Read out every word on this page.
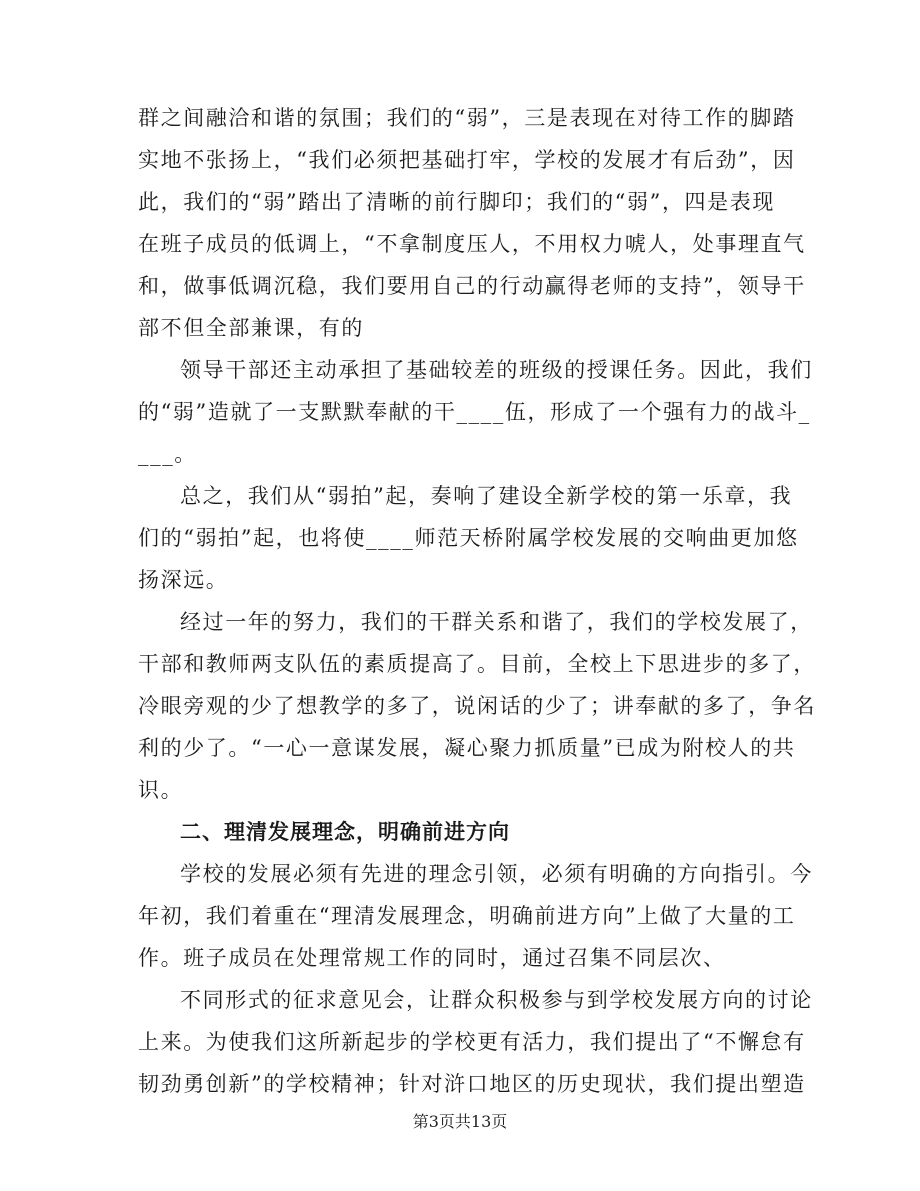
群之间融洽和谐的氛围；我们的“弱”，三是表现在对待工作的脚踏
实地不张扬上，“我们必须把基础打牢，学校的发展才有后劲”，因
此，我们的“弱”踏出了清晰的前行脚印；我们的“弱”，四是表现
在班子成员的低调上，“不拿制度压人，不用权力唬人，处事理直气
和，做事低调沉稳，我们要用自己的行动赢得老师的支持”，领导干
部不但全部兼课，有的
领导干部还主动承担了基础较差的班级的授课任务。因此，我们
的“弱”造就了一支默默奉献的干____伍，形成了一个强有力的战斗_
___。
总之，我们从“弱拍”起，奏响了建设全新学校的第一乐章，我
们的“弱拍”起，也将使____师范天桥附属学校发展的交响曲更加悠
扬深远。
经过一年的努力，我们的干群关系和谐了，我们的学校发展了，
干部和教师两支队伍的素质提高了。目前，全校上下思进步的多了，
冷眼旁观的少了想教学的多了，说闲话的少了；讲奉献的多了，争名
利的少了。“一心一意谋发展，凝心聚力抓质量”已成为附校人的共
识。
二、理清发展理念，明确前进方向
学校的发展必须有先进的理念引领，必须有明确的方向指引。今
年初，我们着重在“理清发展理念，明确前进方向”上做了大量的工
作。班子成员在处理常规工作的同时，通过召集不同层次、
不同形式的征求意见会，让群众积极参与到学校发展方向的讨论
上来。为使我们这所新起步的学校更有活力，我们提出了“不懈怠有
韧劲勇创新”的学校精神；针对浒口地区的历史现状，我们提出塑造
第3页共13页
